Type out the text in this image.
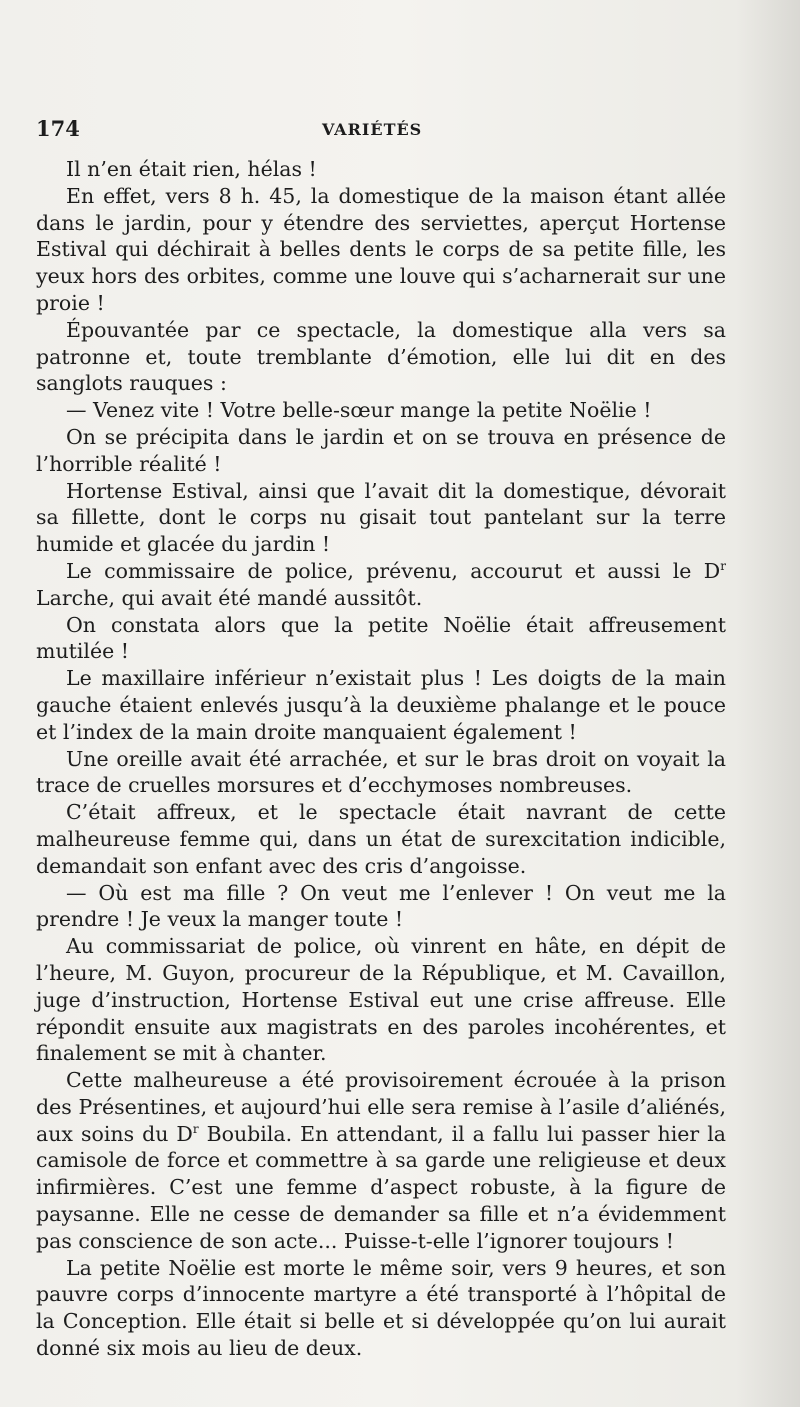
174	VARIÉTÉS

Il n’en était rien, hélas !

En effet, vers 8 h. 45, la domestique de la maison étant allée dans le jardin, pour y étendre des serviettes, aperçut Hortense Estival qui déchirait à belles dents le corps de sa petite fille, les yeux hors des orbites, comme une louve qui s’acharnerait sur une proie !

Épouvantée par ce spectacle, la domestique alla vers sa patronne et, toute tremblante d’émotion, elle lui dit en des sanglots rauques :

— Venez vite ! Votre belle-sœur mange la petite Noëlie !

On se précipita dans le jardin et on se trouva en présence de l’horrible réalité !

Hortense Estival, ainsi que l’avait dit la domestique, dévorait sa fillette, dont le corps nu gisait tout pantelant sur la terre humide et glacée du jardin !

Le commissaire de police, prévenu, accourut et aussi le $D^r$ Larche, qui avait été mandé aussitôt.

On constata alors que la petite Noëlie était affreusement mutilée !

Le maxillaire inférieur n’existait plus ! Les doigts de la main gauche étaient enlevés jusqu’à la deuxième phalange et le pouce et l’index de la main droite manquaient également !

Une oreille avait été arrachée, et sur le bras droit on voyait la trace de cruelles morsures et d’ecchymoses nombreuses.

C’était affreux, et le spectacle était navrant de cette malheureuse femme qui, dans un état de surexcitation indicible, demandait son enfant avec des cris d’angoisse.

— Où est ma fille ? On veut me l’enlever ! On veut me la prendre ! Je veux la manger toute !

Au commissariat de police, où vinrent en hâte, en dépit de l’heure, M. Guyon, procureur de la République, et M. Cavaillon, juge d’instruction, Hortense Estival eut une crise affreuse. Elle répondit ensuite aux magistrats en des paroles incohérentes, et finalement se mit à chanter.

Cette malheureuse a été provisoirement écrouée à la prison des Présentines, et aujourd’hui elle sera remise à l’asile d’aliénés, aux soins du $D^r$ Boubila. En attendant, il a fallu lui passer hier la camisole de force et commettre à sa garde une religieuse et deux infirmières. C’est une femme d’aspect robuste, à la figure de paysanne. Elle ne cesse de demander sa fille et n’a évidemment pas conscience de son acte... Puisse-t-elle l’ignorer toujours !

La petite Noëlie est morte le même soir, vers 9 heures, et son pauvre corps d’innocente martyre a été transporté à l’hôpital de la Conception. Elle était si belle et si développée qu’on lui aurait donné six mois au lieu de deux.
